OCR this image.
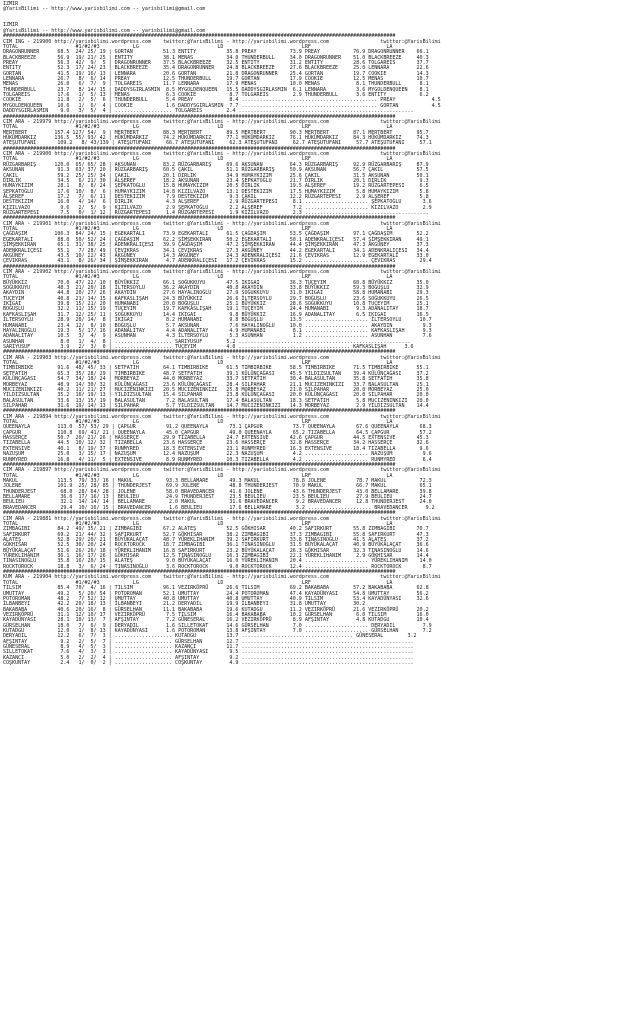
IZMIR
@YarisBilimi -- http://www.yarisbilimi.com -- yarisbilimi@gmail.com

IZMIR
@YarisBilimi -- http://www.yarisbilimi.com -- yarisbilimi@gmail.com
##################################################################################################################################
CIM ING - 219900 http://yarisbilimi.wordpress.com    twitter:@YarisBilimi - http://yarisbilimi.wordpress.com                 twitter:@YarisBilimi
TOTAL                   #1/#2/#3           LG                          LD                          LRF                         LA
DRAGONRUNNER      68.5  24/ 25/ 19 | GORTAN          51.3 ENTITY          35.8 PREAY           73.9 PREAY           76.9 DRAGONRUNNER    66.1
BLACKBREEZE       56.9  19/ 21/ 25 | ENTITY          38.1 MENAS           34.0 THUNDERBULL     34.0 DRAGONRUNNER    51.0 BLACKBREEZE     40.3
PREAY             56.3  42/  9/  5 | DRAGONRUNNER    37.5 BLACKBREEZE     32.5 ENTITY          31.2 ENTITY          28.6 TOLGAREIS       37.7
ENTITY            52.3  17/ 24/ 23 | BLACKBREEZE     35.4 DRAGONRUNNER    24.8 BLACKBREEZE     27.6 BLACKBREEZE     25.0 LENNARA         22.6
GORTAN            41.5  19/ 16/ 13 | LENNARA         20.6 GORTAN          21.8 DRAGONRUNNER    25.4 GORTAN          19.7 COOKIE          14.3
LENNARA           26.7   8/  6/ 14 | PREAY           12.5 THUNDERBULL     19.7 GORTAN          17.9 COOKIE          12.5 MENAS           10.7
MENAS             26.0   6/  7/  9 | TOLGAREIS       11.7 LENNARA         17.9 MENAS           10.0 MENAS            8.1 THUNDERBULL      8.1
THUNDERBULL       23.7   8/ 14/ 15 | DADDYSGIRLASMIN  8.5 MYGOLDENQUEEN   15.5 DADDYSGIRLASMIN  6.1 LENNARA          3.6 MYGOLDENQUEEN    8.1
TOLGAREIS         17.6   1/  5/ 13 | MENAS            6.3 COOKIE           8.7 TOLGAREIS        2.9 THUNDERBULL      3.6 ENTITY           6.2
COOKIE            11.8   2/  5/  6 | THUNDERBULL      5.4 PREAY            8.4 ............................................. PREAY            4.5
MYGOLDENQUEEN     10.6   1/  6/  4 | COOKIE           1.6 DADDYSGIRLASMIN  7.7 ............................................. GORTAN           4.5
DADDYSGIRLASMIN    9.0   3/  5/  4 | ................... TOLGAREIS        2.4 ..........................................................
##################################################################################################################################
CIM ARA - 219979 http://yarisbilimi.wordpress.com    twitter:@YarisBilimi - http://yarisbilimi.wordpress.com                 twitter:@YarisBilimi
TOTAL                   #1/#2/#3           LG                          LD                          LRF                         LA
MERTBERT         157.4 127/ 54/  9 | MERTBERT        88.3 MERTBERT        89.5 MERTBERT        90.3 MERTBERT        87.1 MERTBERT        95.7
HÜKÜMDARKIZ      136.5  55/ 93/ 42 | HÜKÜMDARKIZ     74.2 HÜKÜMDARKIZ     77.1 HÜKÜMDARKIZ     76.1 HÜKÜMDARKIZ     84.3 HÜKÜMDARKIZ     74.3
ATEŞUTUFANI       109.2   8/ 43/139 | ATEŞUTUFANI     66.7 ATEŞUTUFANI     62.3 ATEŞUTUFANI     62.7 ATEŞUTUFANI     57.7 ATEŞUTUFANI     57.1
##################################################################################################################################
CIM ARA - 219900 http://yarisbilimi.wordpress.com    twitter:@YarisBilimi - http://yarisbilimi.wordpress.com                 twitter:@YarisBilimi
TOTAL                   #1/#2/#3           LG                          LD                          LRF                         LA
RÜZGARBARIŞ      120.0  65/ 65/ 28 | AKSUNAN         83.2 RÜZGARBARIŞ     69.6 AKSUNAN         64.3 RÜZGARBARIŞ     92.9 RÜZGARBARIŞ     87.9
AKSUNAN           91.3  63/ 37/ 20 | RÜZGARBARIŞ     60.5 ÇAKIL           51.1 RÜZGARBARIŞ     50.9 AKSUNAN         56.7 ÇAKIL           57.5
ÇAKIL             59.2  25/ 25/ 34 | ÇAKIL           20.1 DIRLIK          34.9 HUMAYKIZIM      25.6 ÇAKIL           31.5 AKSUNAN         50.1
DIRLIK            34.5   6/ 21/ 30 | ALŞEREF         18.2 AKSUNAN         23.4 ŞEPKATOĞLU      21.7 DIRLIK          20.1 DIRLIK           9.3
HUMAYKIZIM        28.1   8/  8/ 24 | ŞEPKATOĞLU      15.8 HUMAYKIZIM      20.5 DIRLIK          19.5 ALŞEREF         19.2 RÜZGARTEPESI     6.5
ŞEPKATOĞLU        17.6  10/  8/  6 | HUMAYKIZIM      14.8 KIZILVAZO       13.1 DESTEKIZIM      17.5 HUMAYKIZIM       5.8 HUMAYKIZIM       5.8
ALŞEREF           17.2   7/  6/ 11 | DESTEKIZIM       7.9 DESTEKIZIM       9.3 ÇAKIL           12.2 RÜZGARTEPESI     2.9 ALŞEREF          5.8
DESTEKIZIM        16.0   4/ 14/  6 | DIRLIK           4.3 ALŞEREF          2.9 RÜZGARTEPESI     8.1 ..................... ŞEPKATOĞLU       3.6
KIZILVAZO          9.6   2/  5/  9 | KIZILVAZO        2.9 ŞEPKATOĞLU       2.2 ALŞEREF          7.2 ..................... KIZILVAZO        2.9
RÜZGARTEPESI       7.5   0/  1/ 12 | RÜZGARTEPESI     1.4 RÜZGARTEPESI     1.9 KIZILVAZO        2.3 .........................................
##################################################################################################################################
CIM ARA - 219901 http://yarisbilimi.wordpress.com    twitter:@YarisBilimi - http://yarisbilimi.wordpress.com                 twitter:@YarisBilimi
TOTAL                   #1/#2/#3           LG                          LD                          LRF                         LA
ÇAĞDAŞIM         106.3  84/ 24/ 15 | EGEKARTALI      73.9 EGEKARTALI      61.5 ÇAĞDAŞIM        53.5 ÇAĞDAŞIM        97.1 ÇAĞDAŞIM        52.2
EGEKARTALI        88.0  50/ 52/ 24 | ÇAĞDAŞIM        62.2 ŞİMŞEKKIRAN     50.2 EGEKARTALI      50.1 ADENKRALIÇESI   57.4 ŞİMŞEKKIRAN     49.1
ŞİMŞEKKIRAN       65.1  31/ 38/ 25 | ADENKRALIÇESI   39.9 ÇAĞDAŞIM        47.2 ŞİMŞEKKIRAN     44.4 ŞİMŞEKKIRAN     47.3 AKGÜNEY         37.3
ADENKRALIÇESI     55.1   7/ 28/ 49 | ÇEVIKRAS        34.1 ÇEVIKRAS        27.3 AKGÜNEY         44.2 EGEKARTALI      34.1 ADENKRALIÇESI   34.4
AKGÜNEY           43.5  10/ 22/ 43 | AKGÜNEY         14.3 AKGÜNEY         24.3 ADENKRALIÇESI   21.6 ÇEVIKRAS        12.9 EGEKARTALI      33.0
ÇEVIKRAS          43.1   8/ 26/ 34 | ŞİMŞEKKIRAN      4.7 ADENKRALIÇESI   17.2 ÇEVIKRAS        15.2 ..................... ÇEVIKRAS        29.4
##################################################################################################################################
CIM ARA - 219902 http://yarisbilimi.wordpress.com    twitter:@YarisBilimi - http://yarisbilimi.wordpress.com                 twitter:@YarisBilimi
TOTAL                   #1/#2/#3           LG                          LD                          LRF                         LA
BÜYÜKKIZ          70.0  47/ 22/ 10 | BÜYÜKKIZ        66.1 SOĞUKKUYU       47.5 IKIGAI          36.3 TUÇEYIM         60.8 BÜYÜKKIZ        35.0
SOĞUKKUYU         48.3  21/ 20/ 18 | İLTERSOYLU      36.2 AKAYDIN         40.8 AKAYDIN         33.8 BÜYÜKKIZ        59.3 BOĞUŞLU         32.9
AKAYDIN           44.8  20/ 27/ 26 | AKAYDIN         27.6 HAYALINOĞLU     27.9 SOĞUKKUYU       31.0 IKIGAI          58.8 HUMANABI        29.3
TUÇEYIM           40.8  21/ 14/ 15 | KAFKASLIŞAH     24.3 BÜYÜKKIZ        26.6 İLTERSOYLU      29.7 BOĞUŞLU         23.6 SOĞUKKUYU       26.5
IKIGAI            39.8  15/ 21/ 20 | HUMANABI        20.0 BOĞUŞLU         25.1 BÜYÜKKIZ        28.6 SOĞUKKUYU       10.8 TUÇEYIM         25.1
BOĞUŞLU           32.2  11/ 15/ 19 | TUÇEYIM         19.7 KAFKASLIŞAH     19.1 TUÇEYIM         24.4 HUMANABI         9.3 ADANALITAY      18.7
KAFKASLIŞAH       31.7  12/ 25/ 11 | SOĞUKKUYU       14.4 IKIGAI           9.8 BÜYÜKKIZ        16.9 ADANALITAY       6.5 IKIGAI          16.5
İLTERSOYLU        28.9  20/ 14/  8 | IKIGAI           8.2 HUMANABI         9.8 BOĞUŞLU         13.5 ..................... İLTERSOYLU      10.7
HUMANABI          23.4  12/  8/ 10 | BOĞUŞLU          5.7 AKSUNAN          7.6 HAYALINOĞLU     10.0 ..................... AKAYDIN          9.3
HAYALINOĞLU       19.3   5/ 17/ 16 | ADANALITAY       4.4 ADANALITAY       4.9 HUMANABI         8.1 ..................... KAFKASLIŞAH      9.3
ADANALITAY        10.5   3/  4/  9 | ASUNHAN          4.3 İLTERSOYLU       5.3 ASUNHAN          1.2 ..................... ASUNHAN          7.6
ASUNHAN            8.0   1/  4/  8 | ................... SARIYUSUF        5.2 .........................................................
SARIYUSUF          3.9   2/  3/  0 | ................... TUÇEYIM          4.0 ..................................... KAFKASLIŞAH      3.6
##################################################################################################################################
CIM ARA - 219903 http://yarisbilimi.wordpress.com    twitter:@YarisBilimi - http://yarisbilimi.wordpress.com                 twitter:@YarisBilimi
TOTAL                   #1/#2/#3           LG                          LD                          LRF                         LA
TIMBIRBIKE        91.6  48/ 45/ 33 | SETFATIH        64.1 TIMBIRBIKE      61.5 TIMBIRBIKE      58.5 TIMBIRBIKE      71.5 TIMBIRBIKE      55.1
SETFATIH          65.3  35/ 28/ 29 | TIMBIRBIKE      48.7 SETFATIH        39.1 KÜLÜNÇAĞASI     45.5 YILDIZSULTAN    39.4 KÜLÜNÇAĞASI     37.2
KÜLÜNÇAĞASI       54.7  34/ 18/ 24 | MORBEYAZ        44.0 MORBEYAZ        33.7 SETFATIH        30.4 BALASULTAN      35.8 SETFATIH        35.8
MORBEYAZ          48.9  14/ 30/ 32 | KÜLÜNÇAĞASI     23.6 KÜLÜNÇAĞASI     28.4 SILPAHAR        21.1 MUCIZENINKIZI   33.7 BALASULTAN      25.1
MUCIZENINKIZI     40.2  11/ 21/ 27 | MUCIZENINKIZI   20.5 MUCIZENINKIZI   25.8 MORBEYAZ        21.0 SILPAHAR        20.0 MORBEYAZ        25.0
YILDIZSULTAN      35.2  16/ 19/ 13 | YILDIZSULTAN    15.4 SILPAHAR        23.8 KÜLÜNÇAĞASI     20.0 KÜLÜNÇAĞASI     20.0 SILPAHAR        20.0
BALASULTAN        33.6  13/ 15/ 19 | BALASULTAN       7.2 BALASULTAN      17.4 BALASULTAN      18.3 SETFATIH         5.8 MUCIZENINKIZI   20.0
SILPAHAR          31.6  19/ 14/ 13 | SILPAHAR         5.7 YILDIZSULTAN    14.7 MUCIZENINKIZI   14.3 MORBEYAZ         2.9 YILDIZSULTAN    14.4
##################################################################################################################################
CIM ARA - 219894 http://yarisbilimi.wordpress.com    twitter:@YarisBilimi - http://yarisbilimi.wordpress.com                 twitter:@YarisBilimi
TOTAL                   #1/#2/#3           LG                          LD                          LRF                         LA
QUEENAYLA         113.0  57/ 53/ 29 | ÇAPGUR          91.2 QUEENAYLA       73.1 ÇAPGUR          73.7 QUEENAYLA       67.6 QUEENAYLA       68.3
ÇAPGUR            110.8  69/ 41/ 21 | QUEENAYLA       45.0 ÇAPGUR          49.0 QUEENAYLA       65.2 TIZABELLA       64.5 ÇAPGUR          57.2
HASSERÇE          50.7  20/ 21/ 26 | HASSERÇE        29.9 TIZABELLA       24.7 EXTENSIVE       42.6 ÇAPGUR          44.5 EXTENSIVE       45.3
TIZABELLA         44.5  10/ 12/ 32 | TIZABELLA       23.6 HASSERÇE        23.6 HASSERÇE        32.8 HASSERÇE        34.2 HASSERÇE        32.6
EXTENSIVE         40.1   8/ 19/ 37 | RUNMYRED        18.3 EXTENSIVE       23.1 RUNMYRED        16.3 EXTENSIVE       18.4 TIZABELLA        9.6
NAZUŞUM           25.0   3/ 15/ 17 | NAZUŞUM         12.4 NAZUŞUM         22.3 NAZUŞUM          4.2 ..................... NAZUŞUM          9.6
RUNMYRED          16.8   4/ 11/  5 | EXTENSIVE        8.9 RUNMYRED        10.3 TIZABELLA        4.2 ..................... RUNMYRED         6.4
##################################################################################################################################
CIM ARA - 219897 http://yarisbilimi.wordpress.com    twitter:@YarisBilimi - http://yarisbilimi.wordpress.com                 twitter:@YarisBilimi
TOTAL                   #1/#2/#3           LG                          LD                          LRF                         LA
MAKUL             113.5  79/ 33/ 16 | MAKUL           93.3 BELLAMARE       49.3 MAKUL           78.8 JOLENE          78.7 MAKUL           72.3
JOLENE            101.9  25/ 28/ 85 | THUNDERJEST     69.9 JOLENE          48.8 THUNDERJEST     70.9 MAKUL           66.7 MAKUL           65.1
THUNDERJEST        68.0  28/ 64/ 28 | JOLENE          58.0 BRAVEDANCER     41.6 JOLENE          43.6 THUNDERJEST     43.0 BELLAMARE       39.8
BELLAMARE          36.0  17/ 16/ 13 | BEULIEU         24.9 THUNDERJEST     23.5 BEULIEU         23.5 BEULIEU         27.9 BEULIEU         24.7
BEULIEU            32.1  14/ 14/ 14 | BELLAMARE        2.0 MAKUL           31.6 BRAVEDANCER      9.2 BRAVEDANCER     12.8 THUNDERJEST     24.0
BRAVEDANCER        29.4  10/ 16/ 15 | BRAVEDANCER      1.6 BEULIEU         17.6 BELLAMARE        3.2 ..................... BRAVEDANCER      9.2
##################################################################################################################################
CIM ARA - 219881 http://yarisbilimi.wordpress.com    twitter:@YarisBilimi - http://yarisbilimi.wordpress.com                 twitter:@YarisBilimi
TOTAL                   #1/#2/#3           LG                          LD                          LRF                         LA
ZIMBAGIBI         84.2  49/ 35/ 21 | ZIMBAGIBI       67.2 ALATEŞ          52.5 GÖKHISAR        40.2 SAFIRKURT       55.8 ZIMBAGIBI       70.7
SAFIRKURT         69.2  21/ 44/ 32 | SAFIRKURT       52.7 GÖKHISAR        38.2 ZIMBAGIBI       37.3 ZIMBAGIBI       55.8 SAFIRKURT       47.3
ALATEŞ            52.8  29/ 20/ 21 | BÜYÜKALAÇAT     48.7 YÜREKLIHANIM    39.2 SAFIRKURT       33.8 TINASINOĞLU     41.5 ALATEŞ          37.2
GÖKHISAR          52.5  30/ 20/ 24 | ROCKTOROCK      18.7 ZIMBAGIBI       36.1 TINASINOĞLU     31.5 BÜYÜKALAÇAT     40.9 BÜYÜKALAÇAT     36.6
BÜYÜKALAÇAT       51.6  26/ 26/ 18 | YÜREKLIHANIM    16.8 SAFIRKURT       23.2 BÜYÜKALAÇAT     26.3 GÖKHISAR        32.3 TINASINOĞLU     14.6
YÜREKLIHANIM      36.1  16/ 17/ 26 | GÖKHISAR        12.5 TINASINOĞLU     16.3 ZIMBAGIBI       22.1 YÜREKLIHANIM     2.9 GÖKHISAR        14.4
TINASINOĞLU       35.8  16/ 20/ 15 | ALATEŞ           9.0 BÜYÜKALAÇAT     16.0 YÜREKLIHANIM    20.4 ..................... YÜREKLIHANIM    14.0
ROCKTOROCK        18.8   3/  6/ 24 | TINASINOĞLU      3.6 ROCKTOROCK       9.0 ROCKTOROCK      12.4 ..................... ROCKTOROCK       8.7
##################################################################################################################################
KUM ARA - 219904 http://yarisbilimi.wordpress.com    twitter:@YarisBilimi - http://yarisbilimi.wordpress.com                 twitter:@YarisBilimi
TOTAL                   #1/#2/#3           LG                          LD                          LRF                         LA
TILSIM            85.4  70/  4/ 16 | TILSIM          96.1 VEZIRKÖPRÜ      26.6 TILSIM          69.2 BAKABABA        57.2 BAKABABA        62.8
UMUTTAY           49.2   5/ 20/ 54 | POTOROMAN       52.1 UMUTTAY         24.4 POTOROMAN       47.4 KAYADÜNYASI     54.8 UMUTTAY         56.2
POTOROMAN         48.2   7/ 52/ 12 | UMUTTAY         40.8 UMUTTAY         40.8 UMUTTAY         40.9 TILSIM          53.4 KAYADÜNYASI     32.6
İLBANBEYI         42.2  20/ 18/ 13 | İLBANBEYI       21.2 DERYADIL        19.9 İLBANBEYI       31.8 UMUTTAY         30.2
BAKABABA          40.6  20/ 16/  8 | GÜRSELHAN       11.1 BAKABABA        19.6 KUTADGU         11.2 VEZIRKÖPRÜ      21.6 VEZIRKÖPRÜ      20.2
VEZIRKÖPRÜ        31.1  12/ 10/ 17 | VEZIRKÖPRÜ       7.5 TILSIM          16.4 BAKABABA        10.2 GÜRSELHAN        6.0 TILSIM          16.0
KAYADÜNYASI       28.1  10/ 13/  7 | AFŞINTAY         7.2 GÜNESERAL       16.2 VEZIRKÖPRÜ       8.9 AFŞINTAY         4.8 KUTADGU         10.4
GÜRSELHAN         18.0   7/  6/  9 | DERYADIL         1.6 SILLETOKAT      14.6 GÜRSELHAN        7.0 ..................... DERYADIL         7.9
KUTADGU           12.0   1/  8/ 13 | KAYADÜNYASI      1.6 POTOROMAN       13.8 AFŞINTAY         7.0 ..................... GÜRSELHAN        7.2
DERYADIL          12.2   6/  7/  3 | ................... KUTADGU          13.7 ..................................... GÜNESERAL        3.2
AFŞINTAY           9.2   2/  5/  7 | ................... GÜRSELHAN        12.7 .........................................................
GÜNESERAL          8.9   4/  5/  3 | ................... KAZANCI          11.7 .........................................................
SILLETOKAT         7.6   4/  3/  3 | ................... KAYADÜNYASI       9.5 .........................................................
KAZANCI            5.0   2/  2/  4 | ................... AFŞINTAY          9.2 .........................................................
COŞKUNTAY          2.4   1/  0/  2 | ................... COŞKUNTAY         4.9 .........................................................
